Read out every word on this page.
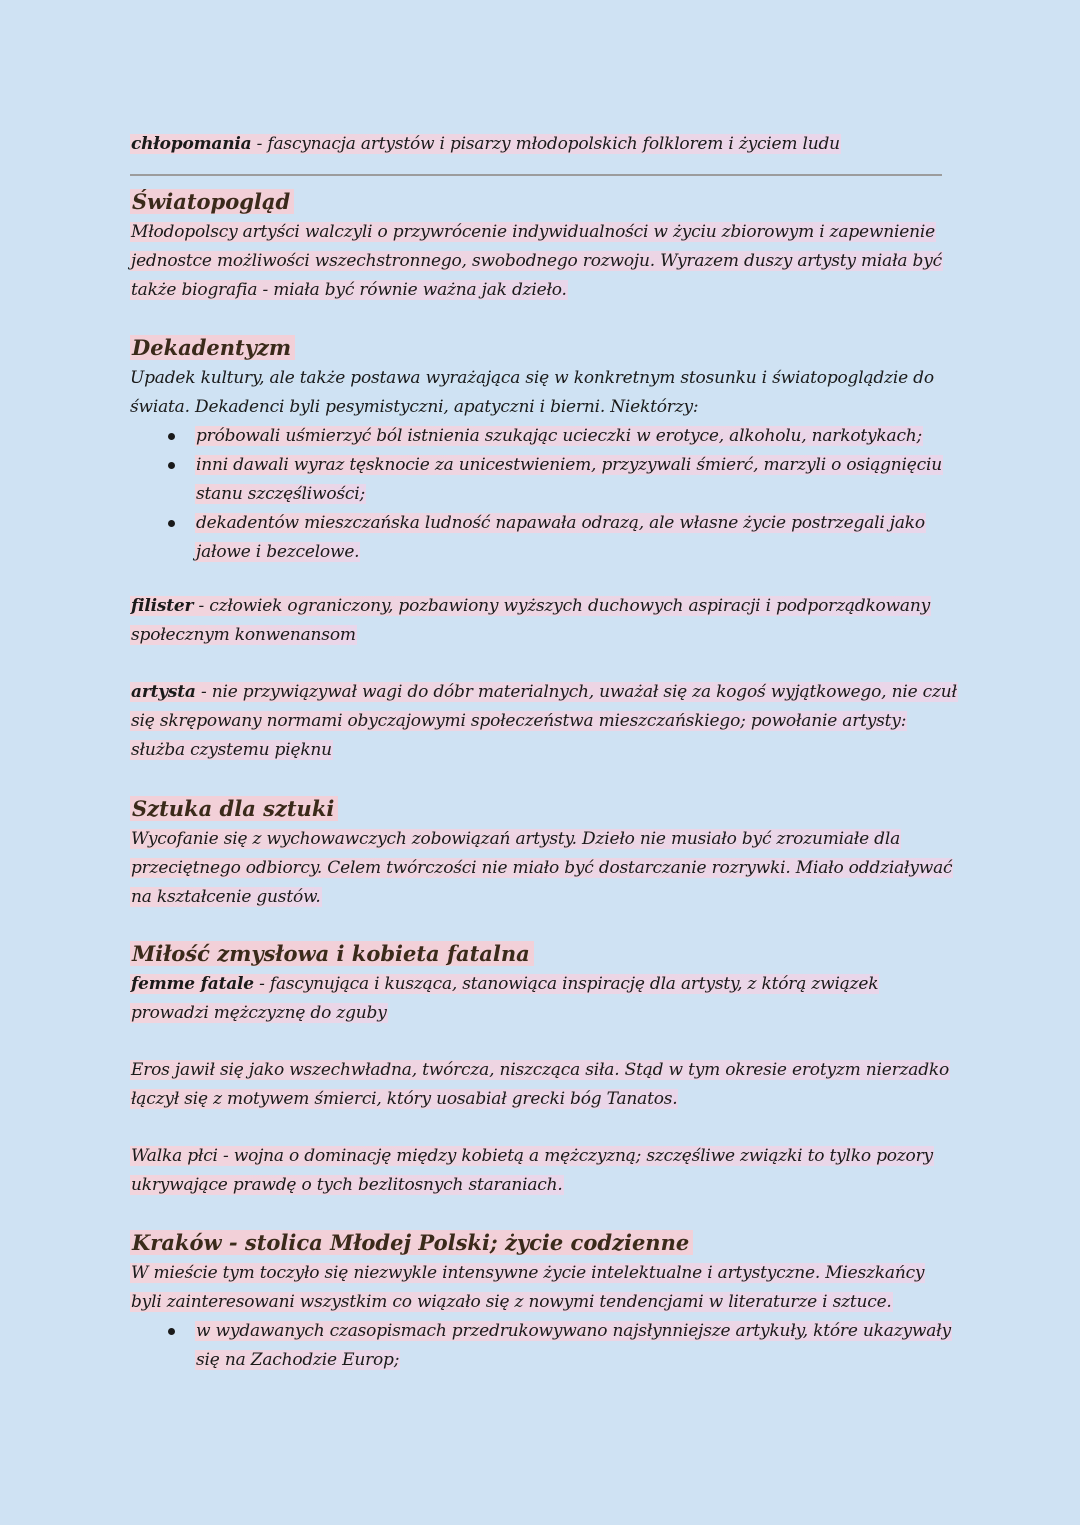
chłopomania - fascynacja artystów i pisarzy młodopolskich folklorem i życiem ludu
Światopogląd
Młodopolscy artyści walczyli o przywrócenie indywidualności w życiu zbiorowym i zapewnienie jednostce możliwości wszechstronnego, swobodnego rozwoju. Wyrazem duszy artysty miała być także biografia - miała być równie ważna jak dzieło.
Dekadentyzm
Upadek kultury, ale także postawa wyrażająca się w konkretnym stosunku i światopoglądzie do świata. Dekadenci byli pesymistyczni, apatyczni i bierni. Niektórzy:
próbowali uśmierzyć ból istnienia szukając ucieczki w erotyce, alkoholu, narkotykach;
inni dawali wyraz tęsknocie za unicestwieniem, przyzywali śmierć, marzyli o osiągnięciu stanu szczęśliwości;
dekadentów mieszczańska ludność napawała odrazą, ale własne życie postrzegali jako jałowe i bezcelowe.
filister - człowiek ograniczony, pozbawiony wyższych duchowych aspiracji i podporządkowany społecznym konwenansom
artysta - nie przywiązywał wagi do dóbr materialnych, uważał się za kogoś wyjątkowego, nie czuł się skrępowany normami obyczajowymi społeczeństwa mieszczańskiego; powołanie artysty: służba czystemu pięknu
Sztuka dla sztuki
Wycofanie się z wychowawczych zobowiązań artysty. Dzieło nie musiało być zrozumiałe dla przeciętnego odbiorcy. Celem twórczości nie miało być dostarczanie rozrywki. Miało oddziaływać na kształcenie gustów.
Miłość zmysłowa i kobieta fatalna
femme fatale - fascynująca i kusząca, stanowiąca inspirację dla artysty, z którą związek prowadzi mężczyznę do zguby
Eros jawił się jako wszechwładna, twórcza, niszcząca siła. Stąd w tym okresie erotyzm nierzadko łączył się z motywem śmierci, który uosabiał grecki bóg Tanatos.
Walka płci - wojna o dominację między kobietą a mężczyzną; szczęśliwe związki to tylko pozory ukrywające prawdę o tych bezlitosnych staraniach.
Kraków - stolica Młodej Polski; życie codzienne
W mieście tym toczyło się niezwykle intensywne życie intelektualne i artystyczne. Mieszkańcy byli zainteresowani wszystkim co wiązało się z nowymi tendencjami w literaturze i sztuce.
w wydawanych czasopismach przedrukowywano najsłynniejsze artykuły, które ukazywały się na Zachodzie Europ;
